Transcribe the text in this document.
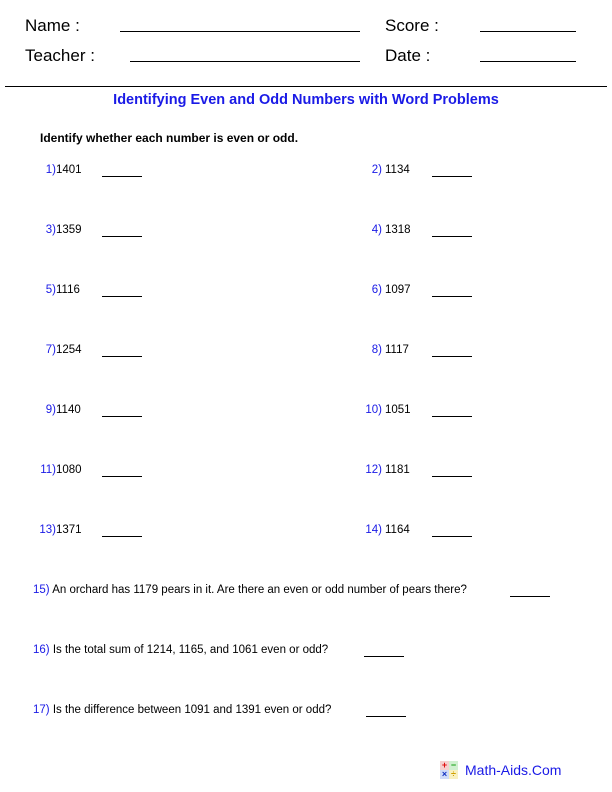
Name :	Score :
Teacher :	Date :
Identifying Even and Odd Numbers with Word Problems
Identify whether each number is even or odd.
1) 1401
3) 1359
5) 1116
7) 1254
9) 1140
11) 1080
13) 1371
2) 1134
4) 1318
6) 1097
8) 1117
10) 1051
12) 1181
14) 1164
15) An orchard has 1179 pears in it. Are there an even or odd number of pears there?
16) Is the total sum of 1214, 1165, and 1061 even or odd?
17) Is the difference between 1091 and 1391 even or odd?
+ −
× ÷ Math-Aids.Com
